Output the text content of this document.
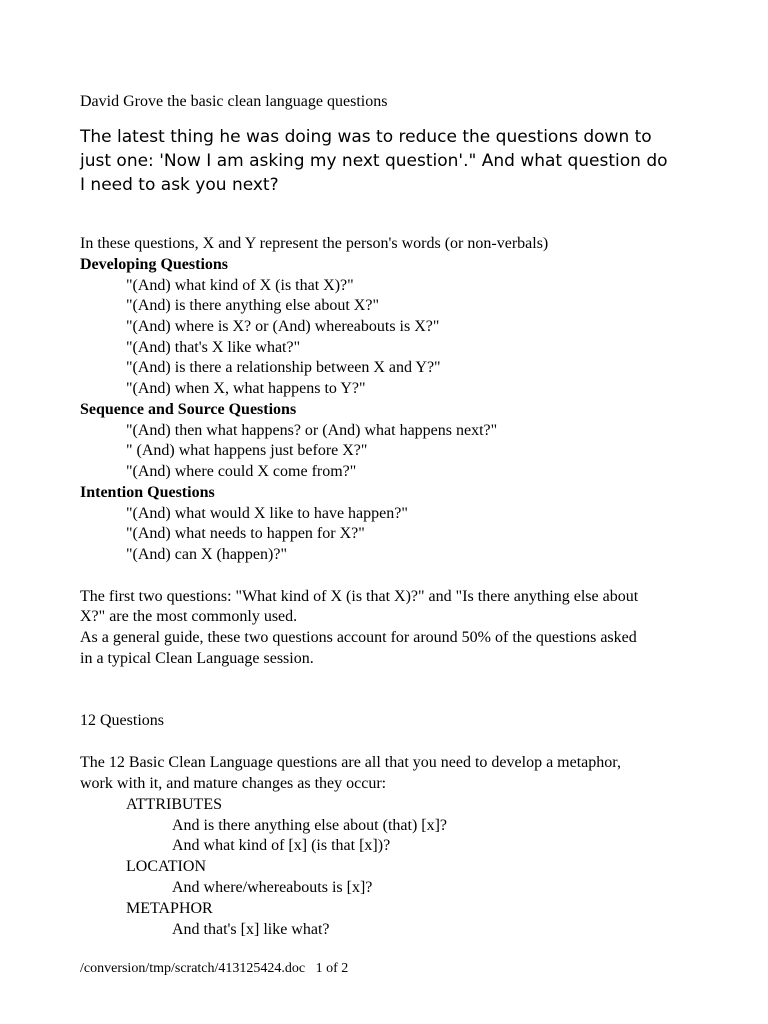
David Grove the basic clean language questions
The latest thing he was doing was to reduce the questions down to
just one: 'Now I am asking my next question'." And what question do
I need to ask you next?
In these questions, X and Y represent the person's words (or non-verbals)
Developing Questions
"(And) what kind of X (is that X)?"
"(And) is there anything else about X?"
"(And) where is X? or (And) whereabouts is X?"
"(And) that's X like what?"
"(And) is there a relationship between X and Y?"
"(And) when X, what happens to Y?"
Sequence and Source Questions
"(And) then what happens? or (And) what happens next?"
" (And) what happens just before X?"
"(And) where could X come from?"
Intention Questions
"(And) what would X like to have happen?"
"(And) what needs to happen for X?"
"(And) can X (happen)?"
The first two questions: "What kind of X (is that X)?" and "Is there anything else about
X?" are the most commonly used.
As a general guide, these two questions account for around 50% of the questions asked
in a typical Clean Language session.
12 Questions
The 12 Basic Clean Language questions are all that you need to develop a metaphor,
work with it, and mature changes as they occur:
ATTRIBUTES
And is there anything else about (that) [x]?
And what kind of [x] (is that [x])?
LOCATION
And where/whereabouts is [x]?
METAPHOR
And that's [x] like what?
/conversion/tmp/scratch/413125424.doc 1 of 2
